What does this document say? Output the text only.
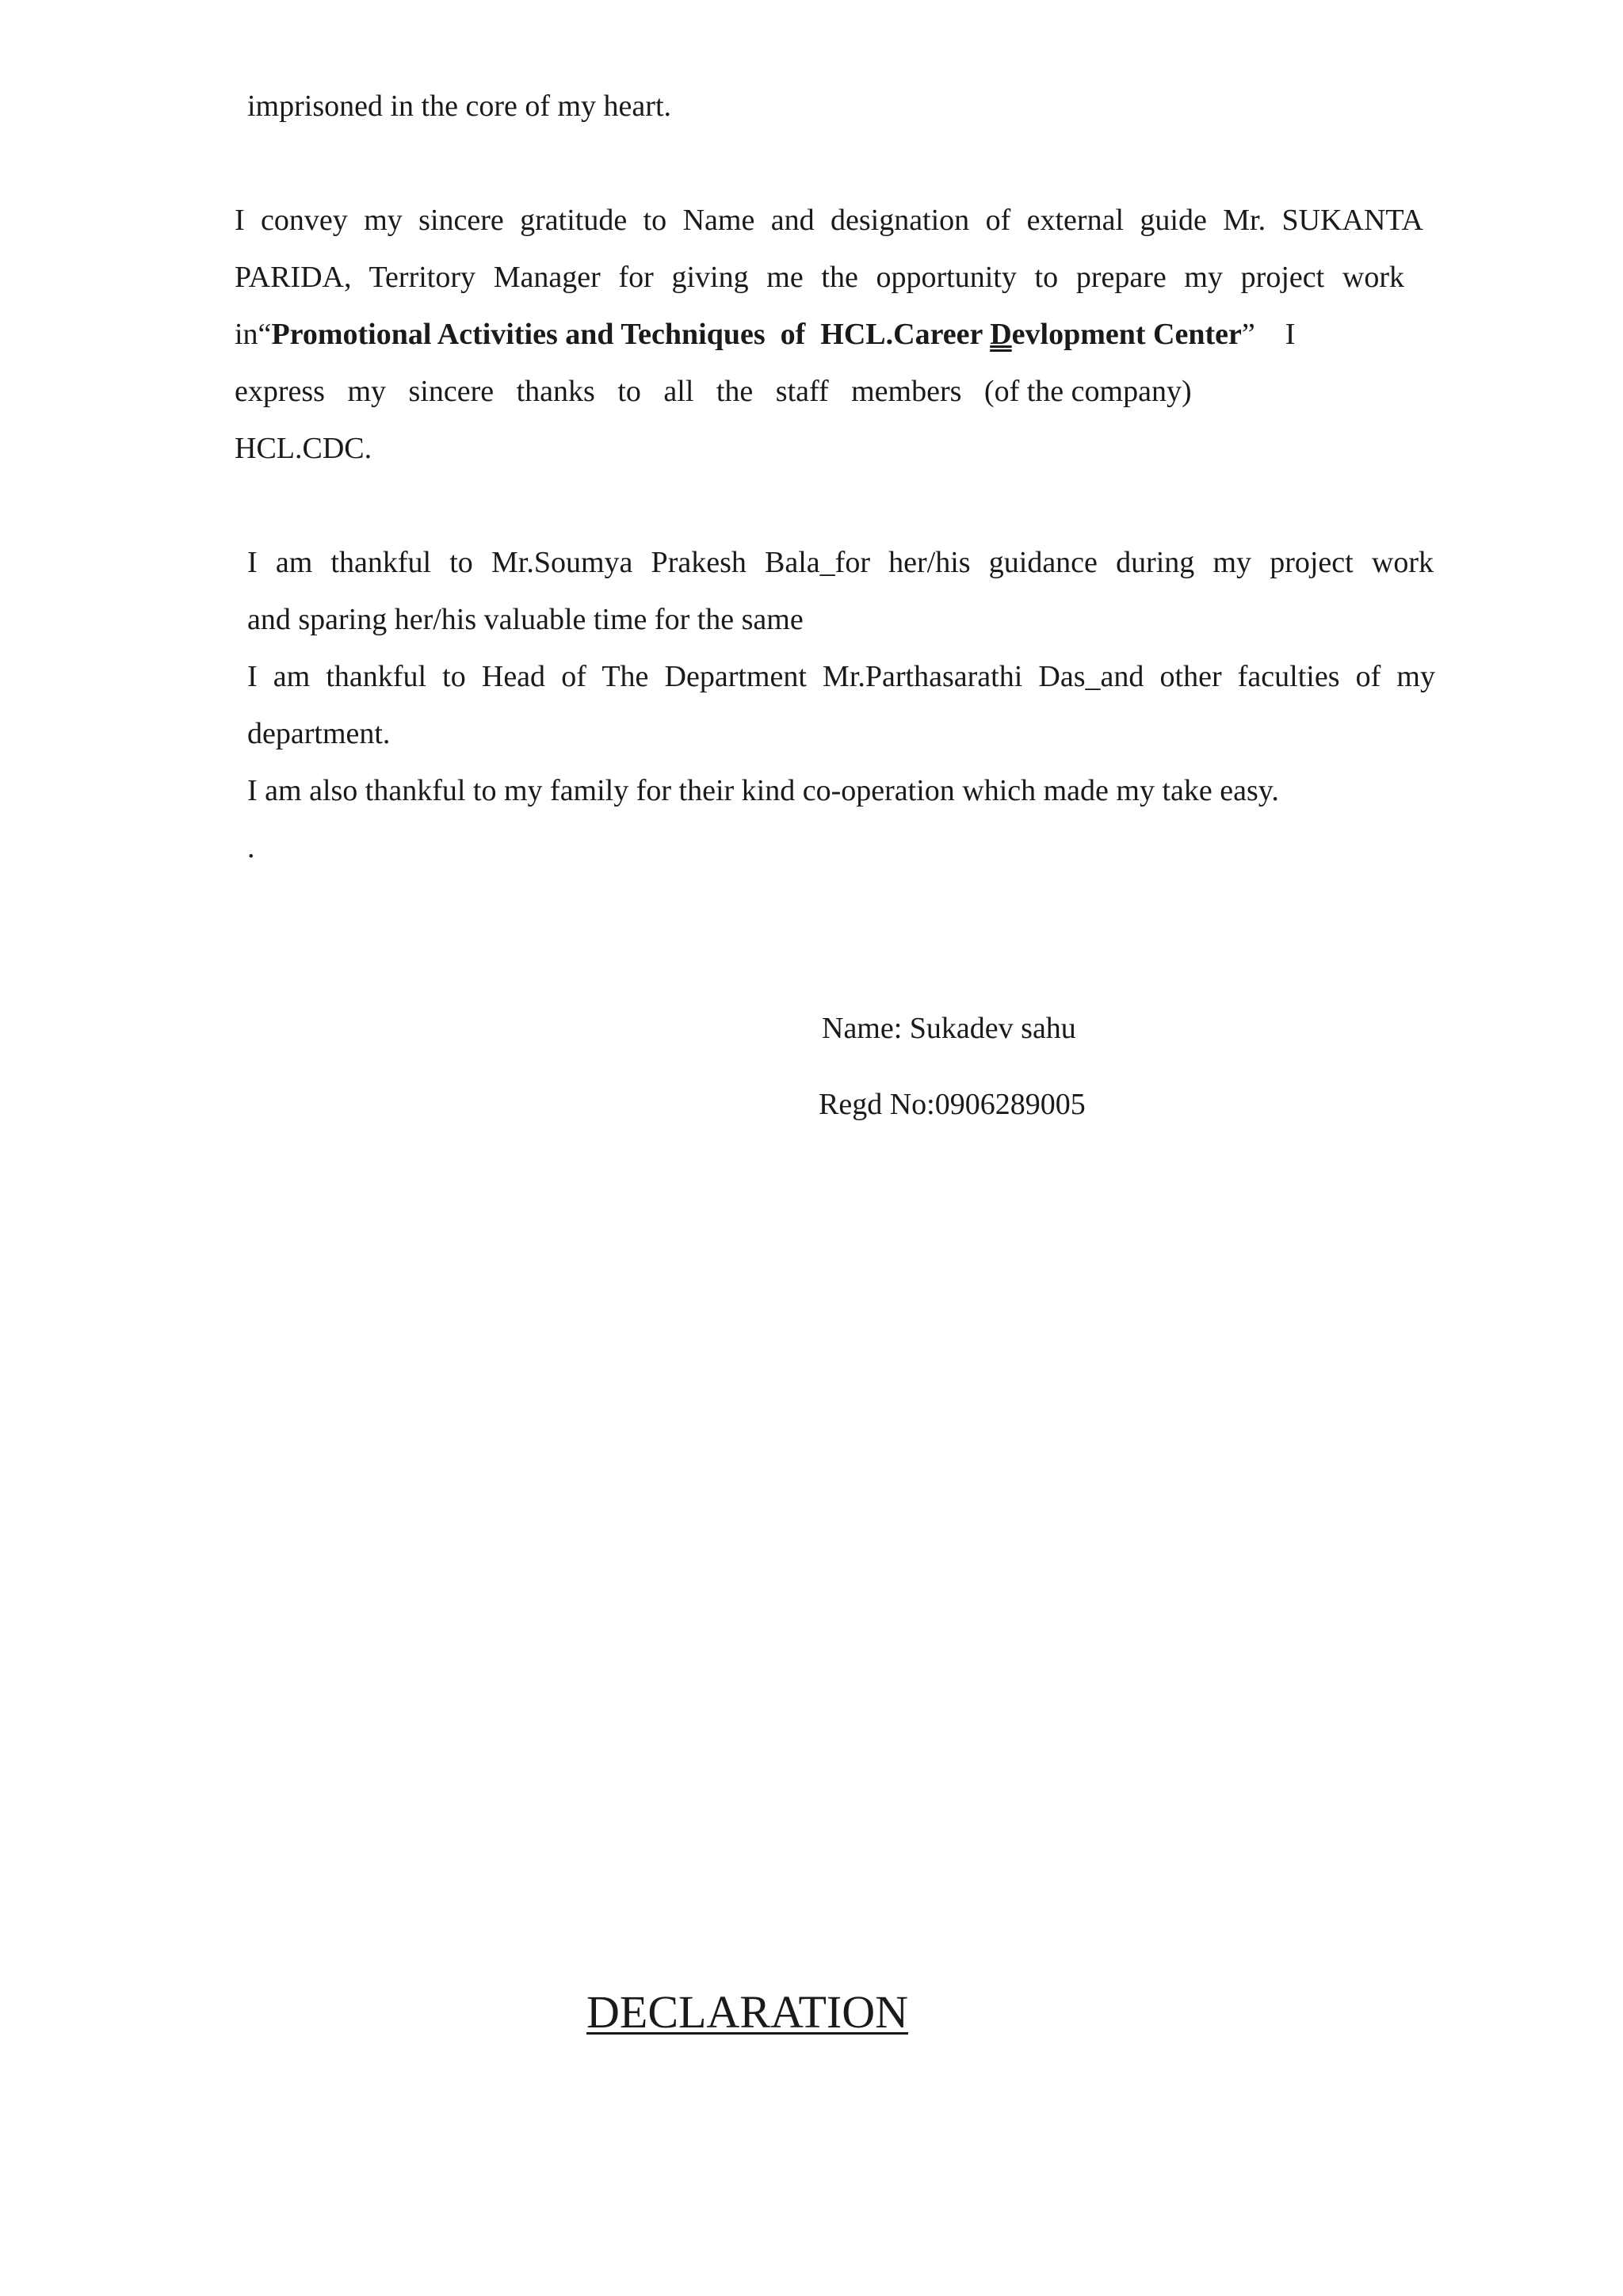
imprisoned in the core of my heart.
I convey my sincere gratitude to Name and designation of external guide Mr. SUKANTA
PARIDA, Territory Manager for giving me the opportunity to prepare my project work
in“Promotional Activities and Techniques  of  HCL.Career Devlopment Center”    I
express   my   sincere   thanks   to   all   the   staff   members   (of the company)
HCL.CDC.
I am thankful to Mr.Soumya Prakesh Bala_for her/his guidance during my project work
and sparing her/his valuable time for the same
I am thankful to Head of The Department Mr.Parthasarathi Das_and other faculties of my
department.
I am also thankful to my family for their kind co-operation which made my take easy.
.
Name: Sukadev sahu
Regd No:0906289005
DECLARATION
